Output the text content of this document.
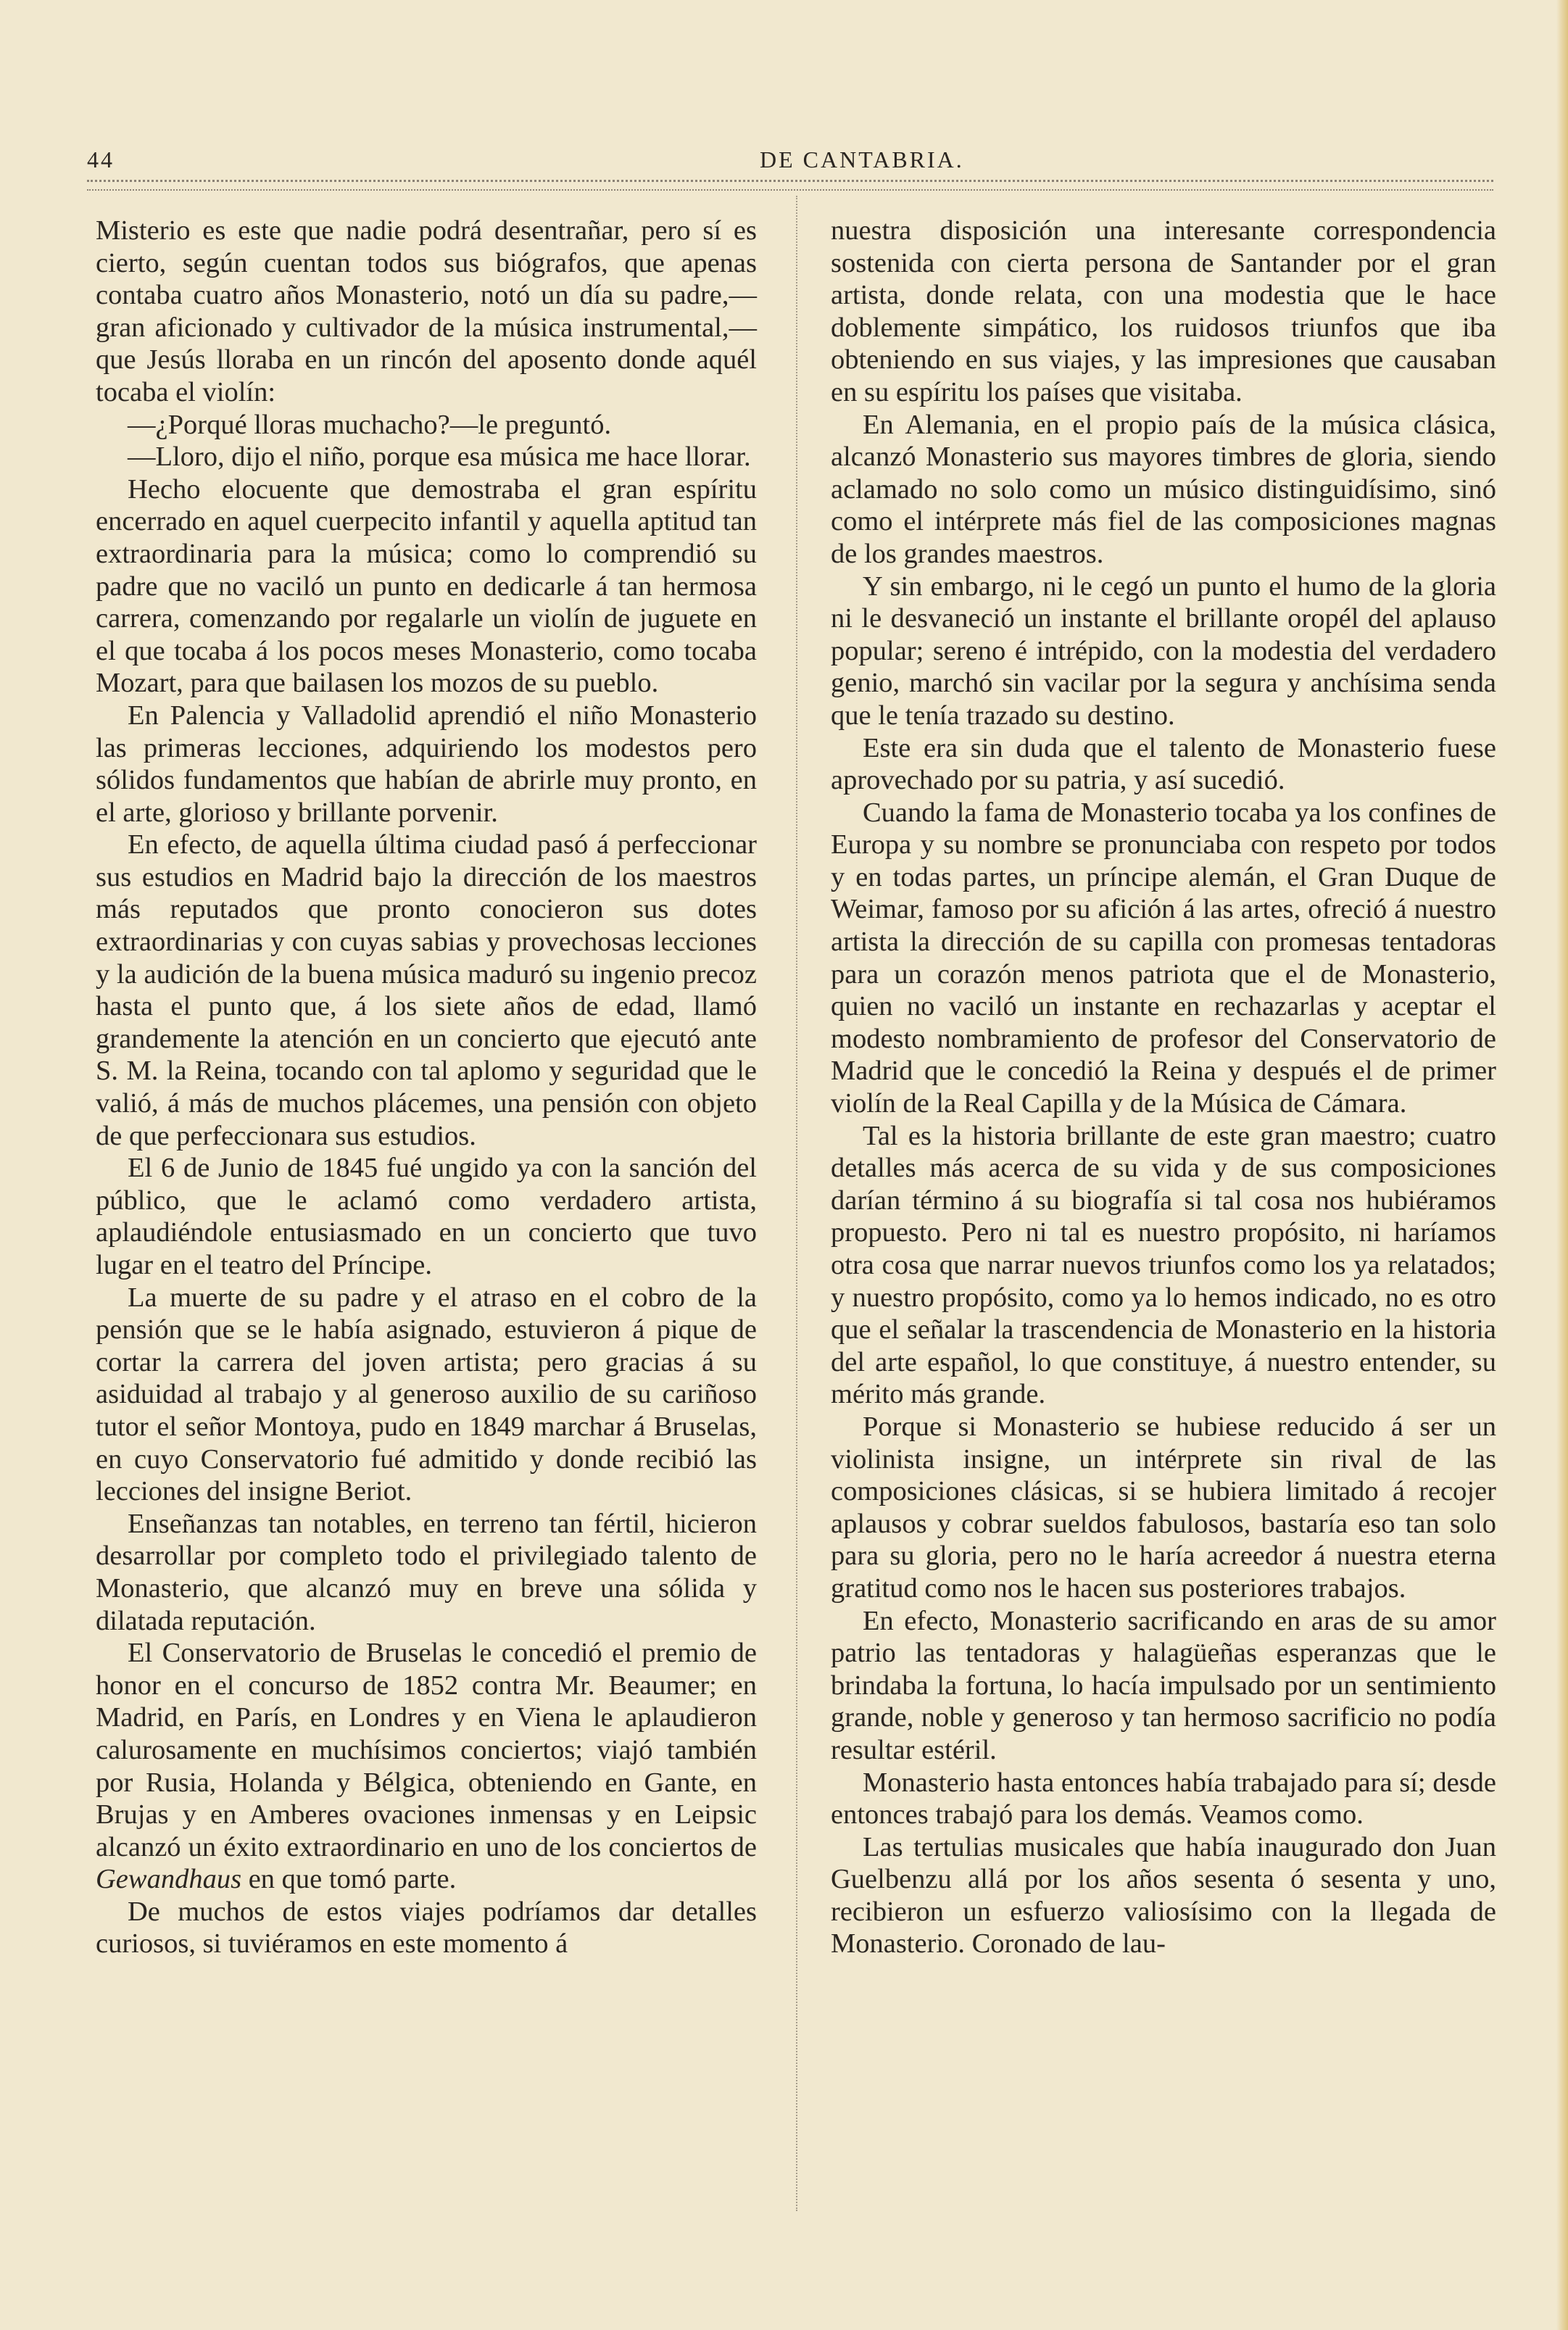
44	DE CANTABRIA.

Misterio es este que nadie podrá desentrañar, pero sí es cierto, según cuentan todos sus biógrafos, que apenas contaba cuatro años Monasterio, notó un día su padre,—gran aficionado y cultivador de la música instrumental,—que Jesús lloraba en un rincón del aposento donde aquél tocaba el violín:

—¿Porqué lloras muchacho?—le preguntó.

—Lloro, dijo el niño, porque esa música me hace llorar.

Hecho elocuente que demostraba el gran espíritu encerrado en aquel cuerpecito infantil y aquella aptitud tan extraordinaria para la música; como lo comprendió su padre que no vaciló un punto en dedicarle á tan hermosa carrera, comenzando por regalarle un violín de juguete en el que tocaba á los pocos meses Monasterio, como tocaba Mozart, para que bailasen los mozos de su pueblo.

En Palencia y Valladolid aprendió el niño Monasterio las primeras lecciones, adquiriendo los modestos pero sólidos fundamentos que habían de abrirle muy pronto, en el arte, glorioso y brillante porvenir.

En efecto, de aquella última ciudad pasó á perfeccionar sus estudios en Madrid bajo la dirección de los maestros más reputados que pronto conocieron sus dotes extraordinarias y con cuyas sabias y provechosas lecciones y la audición de la buena música maduró su ingenio precoz hasta el punto que, á los siete años de edad, llamó grandemente la atención en un concierto que ejecutó ante S. M. la Reina, tocando con tal aplomo y seguridad que le valió, á más de muchos plácemes, una pensión con objeto de que perfeccionara sus estudios.

El 6 de Junio de 1845 fué ungido ya con la sanción del público, que le aclamó como verdadero artista, aplaudiéndole entusiasmado en un concierto que tuvo lugar en el teatro del Príncipe.

La muerte de su padre y el atraso en el cobro de la pensión que se le había asignado, estuvieron á pique de cortar la carrera del joven artista; pero gracias á su asiduidad al trabajo y al generoso auxilio de su cariñoso tutor el señor Montoya, pudo en 1849 marchar á Bruselas, en cuyo Conservatorio fué admitido y donde recibió las lecciones del insigne Beriot.

Enseñanzas tan notables, en terreno tan fértil, hicieron desarrollar por completo todo el privilegiado talento de Monasterio, que alcanzó muy en breve una sólida y dilatada reputación.

El Conservatorio de Bruselas le concedió el premio de honor en el concurso de 1852 contra Mr. Beaumer; en Madrid, en París, en Londres y en Viena le aplaudieron calurosamente en muchísimos conciertos; viajó también por Rusia, Holanda y Bélgica, obteniendo en Gante, en Brujas y en Amberes ovaciones inmensas y en Leipsic alcanzó un éxito extraordinario en uno de los conciertos de Gewandhaus en que tomó parte.

De muchos de estos viajes podríamos dar detalles curiosos, si tuviéramos en este momento á

nuestra disposición una interesante correspondencia sostenida con cierta persona de Santander por el gran artista, donde relata, con una modestia que le hace doblemente simpático, los ruidosos triunfos que iba obteniendo en sus viajes, y las impresiones que causaban en su espíritu los países que visitaba.

En Alemania, en el propio país de la música clásica, alcanzó Monasterio sus mayores timbres de gloria, siendo aclamado no solo como un músico distinguidísimo, sinó como el intérprete más fiel de las composiciones magnas de los grandes maestros.

Y sin embargo, ni le cegó un punto el humo de la gloria ni le desvaneció un instante el brillante oropél del aplauso popular; sereno é intrépido, con la modestia del verdadero genio, marchó sin vacilar por la segura y anchísima senda que le tenía trazado su destino.

Este era sin duda que el talento de Monasterio fuese aprovechado por su patria, y así sucedió.

Cuando la fama de Monasterio tocaba ya los confines de Europa y su nombre se pronunciaba con respeto por todos y en todas partes, un príncipe alemán, el Gran Duque de Weimar, famoso por su afición á las artes, ofreció á nuestro artista la dirección de su capilla con promesas tentadoras para un corazón menos patriota que el de Monasterio, quien no vaciló un instante en rechazarlas y aceptar el modesto nombramiento de profesor del Conservatorio de Madrid que le concedió la Reina y después el de primer violín de la Real Capilla y de la Música de Cámara.

Tal es la historia brillante de este gran maestro; cuatro detalles más acerca de su vida y de sus composiciones darían término á su biografía si tal cosa nos hubiéramos propuesto. Pero ni tal es nuestro propósito, ni haríamos otra cosa que narrar nuevos triunfos como los ya relatados; y nuestro propósito, como ya lo hemos indicado, no es otro que el señalar la trascendencia de Monasterio en la historia del arte español, lo que constituye, á nuestro entender, su mérito más grande.

Porque si Monasterio se hubiese reducido á ser un violinista insigne, un intérprete sin rival de las composiciones clásicas, si se hubiera limitado á recojer aplausos y cobrar sueldos fabulosos, bastaría eso tan solo para su gloria, pero no le haría acreedor á nuestra eterna gratitud como nos le hacen sus posteriores trabajos.

En efecto, Monasterio sacrificando en aras de su amor patrio las tentadoras y halagüeñas esperanzas que le brindaba la fortuna, lo hacía impulsado por un sentimiento grande, noble y generoso y tan hermoso sacrificio no podía resultar estéril.

Monasterio hasta entonces había trabajado para sí; desde entonces trabajó para los demás. Veamos como.

Las tertulias musicales que había inaugurado don Juan Guelbenzu allá por los años sesenta ó sesenta y uno, recibieron un esfuerzo valiosísimo con la llegada de Monasterio. Coronado de lau-
